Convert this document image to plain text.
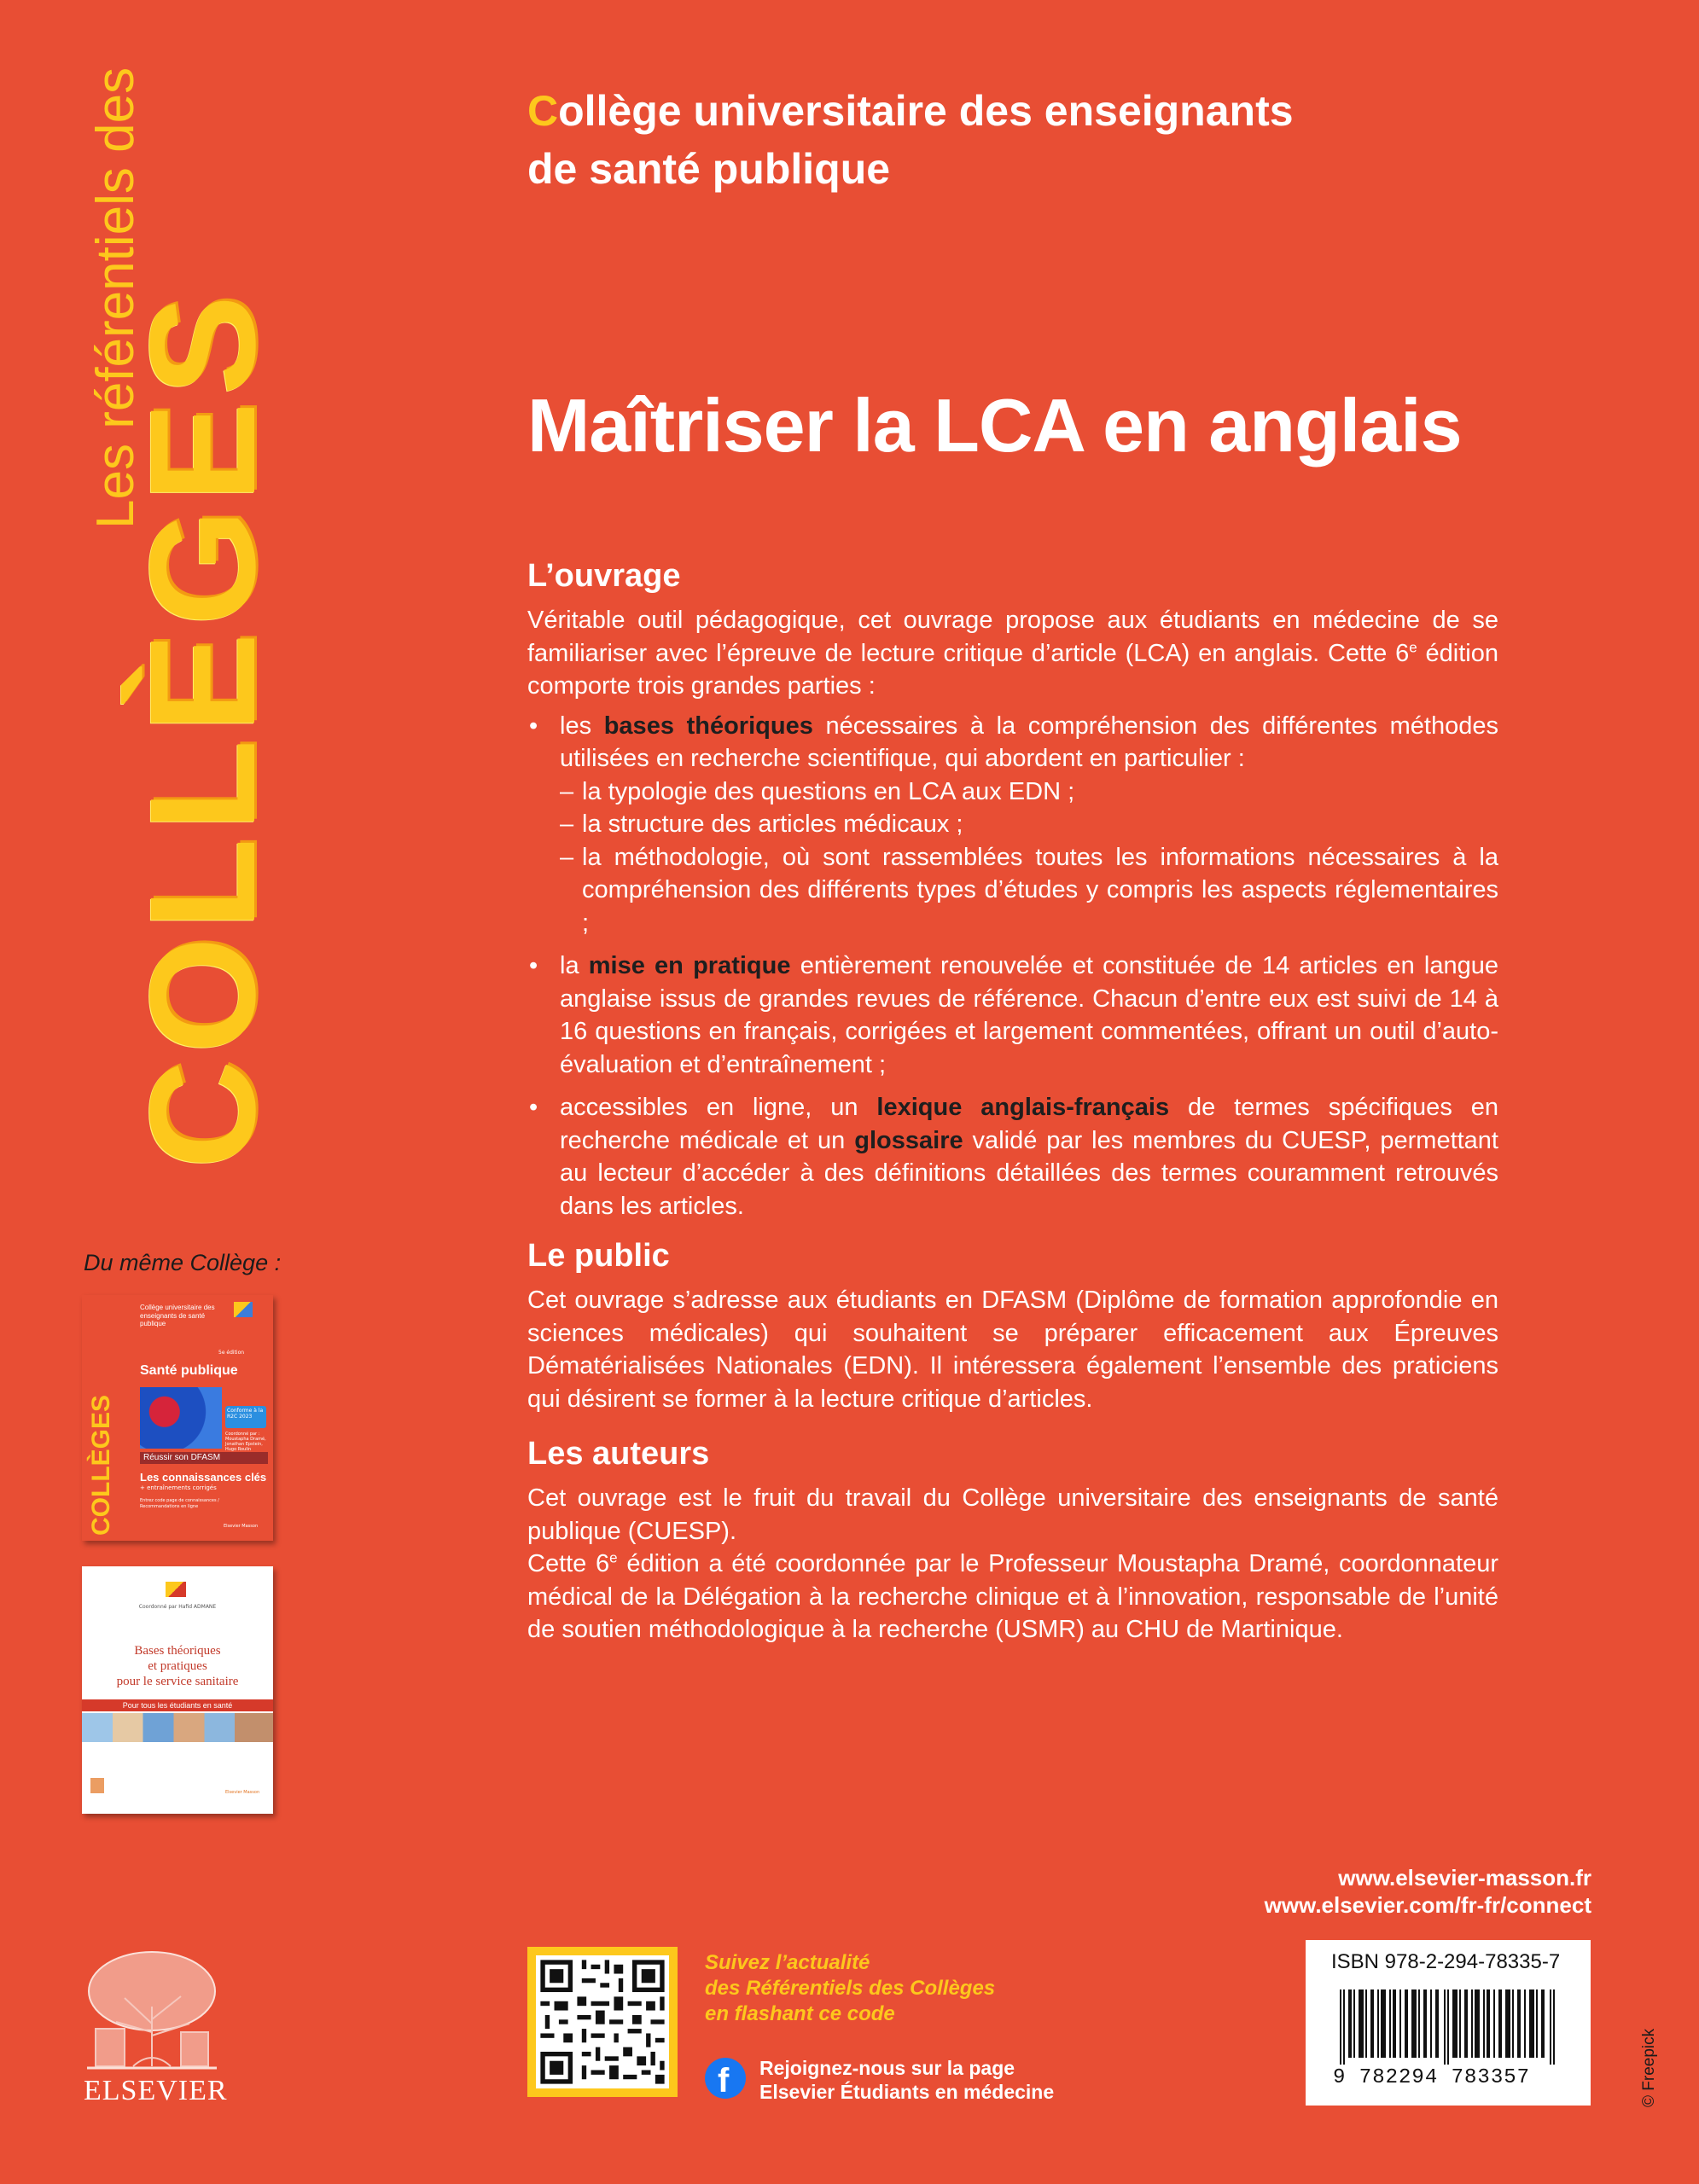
Les référentiels des
COLLÈGES
Collège universitaire des enseignants
de santé publique
Maîtriser la LCA en anglais
L’ouvrage

Véritable outil pédagogique, cet ouvrage propose aux étudiants en médecine de se familiariser avec l’épreuve de lecture critique d’article (LCA) en anglais. Cette 6e édition comporte trois grandes parties :

• les bases théoriques nécessaires à la compréhension des différentes méthodes utilisées en recherche scientifique, qui abordent en particulier :
– la typologie des questions en LCA aux EDN ;
– la structure des articles médicaux ;
– la méthodologie, où sont rassemblées toutes les informations nécessaires à la compréhension des différents types d’études y compris les aspects réglementaires ;
• la mise en pratique entièrement renouvelée et constituée de 14 articles en langue anglaise issus de grandes revues de référence. Chacun d’entre eux est suivi de 14 à 16 questions en français, corrigées et largement commentées, offrant un outil d’auto-évaluation et d’entraînement ;
• accessibles en ligne, un lexique anglais-français de termes spécifiques en recherche médicale et un glossaire validé par les membres du CUESP, permettant au lecteur d’accéder à des définitions détaillées des termes couramment retrouvés dans les articles.
Le public

Cet ouvrage s’adresse aux étudiants en DFASM (Diplôme de formation approfondie en sciences médicales) qui souhaitent se préparer efficacement aux Épreuves Dématérialisées Nationales (EDN). Il intéressera également l’ensemble des praticiens qui désirent se former à la lecture critique d’articles.

Les auteurs

Cet ouvrage est le fruit du travail du Collège universitaire des enseignants de santé publique (CUESP).

Cette 6e édition a été coordonnée par le Professeur Moustapha Dramé, coordonnateur médical de la Délégation à la recherche clinique et à l’innovation, responsable de l’unité de soutien méthodologique à la recherche (USMR) au CHU de Martinique.

Du même Collège :
COLLÈGES
Collège universitaire des enseignants de santé publique
5e édition
Santé publique
Conforme à la R2C 2023
Coordonné par : Moustapha Dramé, Jonathan Epstein, Hugo Roulin
Réussir son DFASM
Les connaissances clés
+ entraînements corrigés
Entrez code page de connaissances / Recommandations en ligne
Elsevier Masson
Coordonné par Hafid ADMANE
Bases théoriques
et pratiques
pour le service sanitaire
Pour tous les étudiants en santé
Elsevier Masson
ELSEVIER
www.elsevier-masson.fr
www.elsevier.com/fr-fr/connect

Suivez l’actualité
des Référentiels des Collèges
en flashant ce code

f Rejoignez-nous sur la page
Elsevier Étudiants en médecine

ISBN 978-2-294-78335-7
9 782294 783357	© Freepick
